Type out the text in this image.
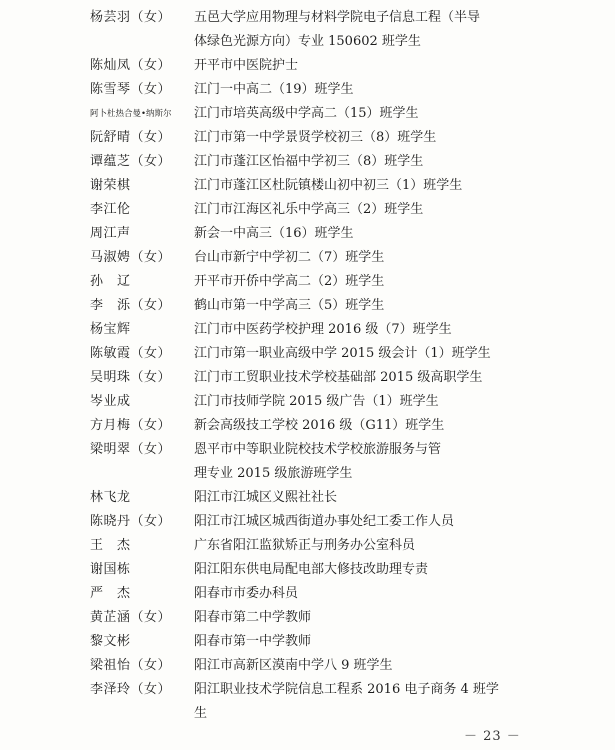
杨芸羽（女）	五邑大学应用物理与材料学院电子信息工程（半导
体绿色光源方向）专业 150602 班学生
陈灿凤（女）	开平市中医院护士
陈雪琴（女）	江门一中高二（19）班学生
阿卜杜热合曼•纳斯尔	江门市培英高级中学高二（15）班学生
阮舒晴（女）	江门市第一中学景贤学校初三（8）班学生
谭蕴芝（女）	江门市蓬江区怡福中学初三（8）班学生
谢荣棋	江门市蓬江区杜阮镇楼山初中初三（1）班学生
李江伦	江门市江海区礼乐中学高三（2）班学生
周江声	新会一中高三（16）班学生
马淑娉（女）	台山市新宁中学初二（7）班学生
孙　辽	开平市开侨中学高二（2）班学生
李　泺（女）	鹤山市第一中学高三（5）班学生
杨宝辉	江门市中医药学校护理 2016 级（7）班学生
陈敏霞（女）	江门市第一职业高级中学 2015 级会计（1）班学生
吴明珠（女）	江门市工贸职业技术学校基础部 2015 级高职学生
岑业成	江门市技师学院 2015 级广告（1）班学生
方月梅（女）	新会高级技工学校 2016 级（G11）班学生
梁明翠（女）	恩平市中等职业院校技术学校旅游服务与管
理专业 2015 级旅游班学生
林飞龙	阳江市江城区义熙社社长
陈晓丹（女）	阳江市江城区城西街道办事处纪工委工作人员
王　杰	广东省阳江监狱矫正与刑务办公室科员
谢国栋	阳江阳东供电局配电部大修技改助理专责
严　杰	阳春市市委办科员
黄芷涵（女）	阳春市第二中学教师
黎文彬	阳春市第一中学教师
梁祖怡（女）	阳江市高新区漠南中学八 9 班学生
李泽玲（女）	阳江职业技术学院信息工程系 2016 电子商务 4 班学
生
－ 23 －
